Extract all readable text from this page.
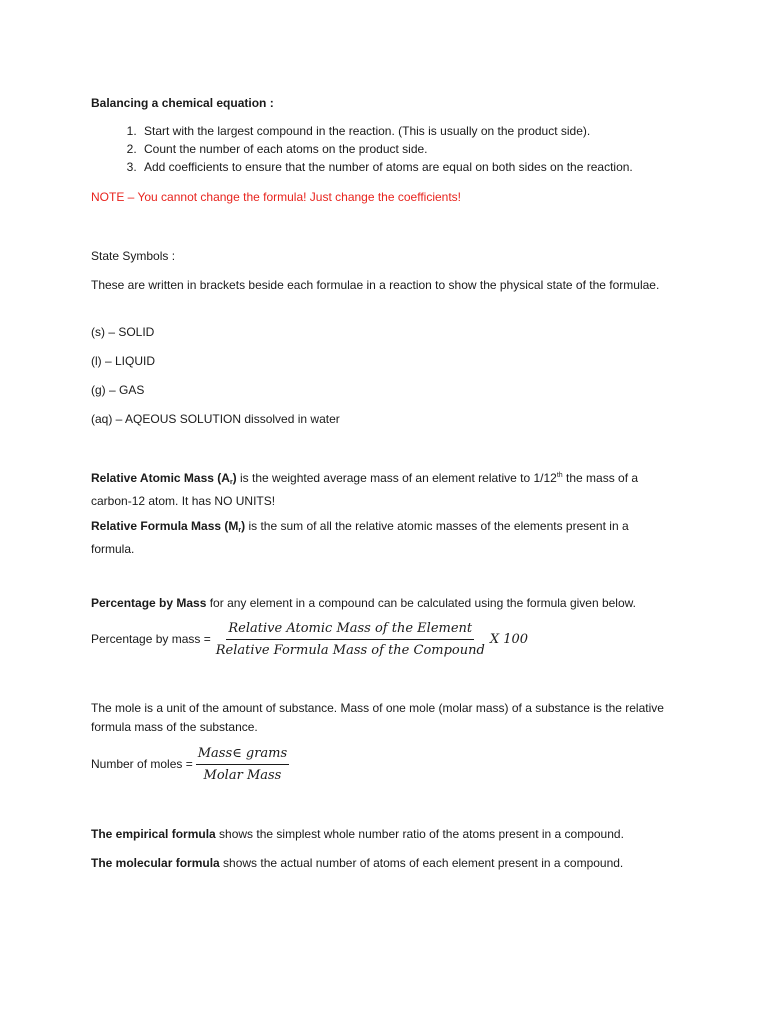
Balancing a chemical equation :
1. Start with the largest compound in the reaction. (This is usually on the product side).
2. Count the number of each atoms on the product side.
3. Add coefficients to ensure that the number of atoms are equal on both sides on the reaction.
NOTE – You cannot change the formula! Just change the coefficients!
State Symbols :
These are written in brackets beside each formulae in a reaction to show the physical state of the formulae.
(s) – SOLID
(l) – LIQUID
(g) – GAS
(aq) – AQEOUS SOLUTION dissolved in water
Relative Atomic Mass $(A_r)$ is the weighted average mass of an element relative to 1/12th the mass of a carbon-12 atom. It has NO UNITS!
Relative Formula Mass $(M_r)$ is the sum of all the relative atomic masses of the elements present in a formula.
Percentage by Mass for any element in a compound can be calculated using the formula given below.
Percentage by mass = $\frac{\text{Relative Atomic Mass of the Element}}{\text{Relative Formula Mass of the Compound}}$ X 100
The mole is a unit of the amount of substance. Mass of one mole (molar mass) of a substance is the relative formula mass of the substance.
Number of moles = $\frac{\text{Mass∈ grams}}{\text{Molar Mass}}$
The empirical formula shows the simplest whole number ratio of the atoms present in a compound.
The molecular formula shows the actual number of atoms of each element present in a compound.
